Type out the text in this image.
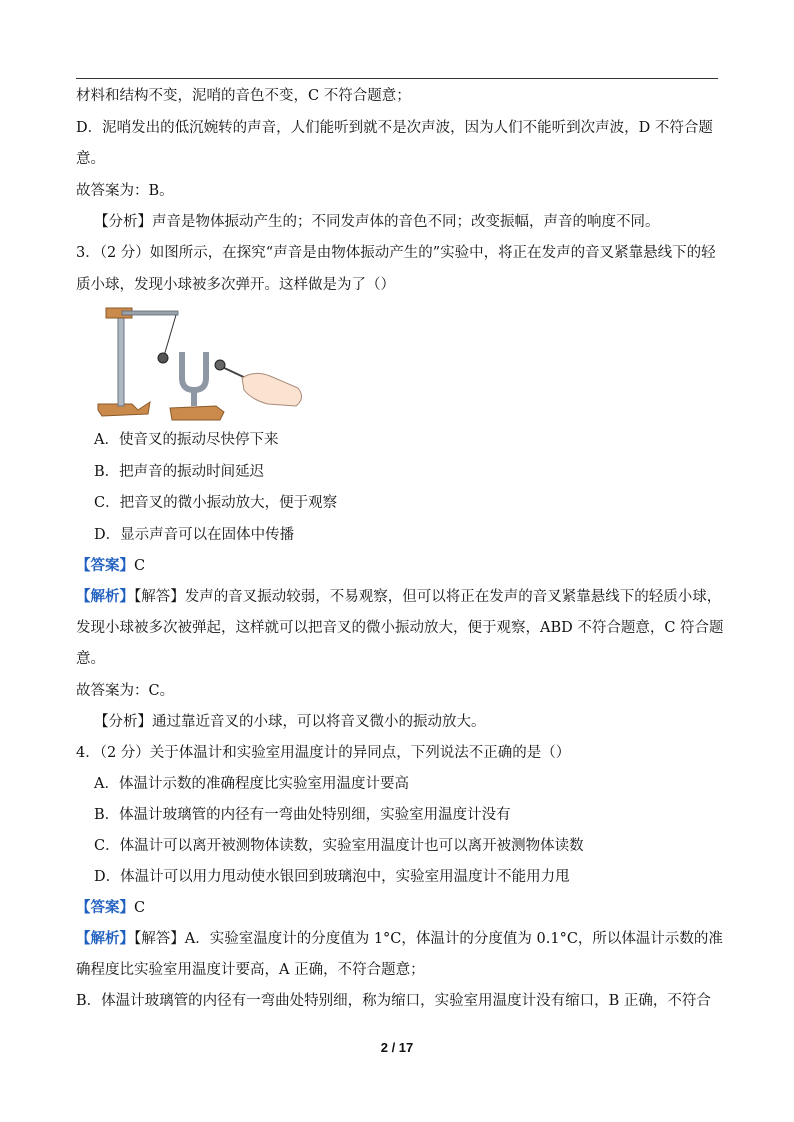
材料和结构不变，泥哨的音色不变，C 不符合题意；
D．泥哨发出的低沉婉转的声音，人们能听到就不是次声波，因为人们不能听到次声波，D 不符合题
意。
故答案为：B。
【分析】声音是物体振动产生的；不同发声体的音色不同；改变振幅，声音的响度不同。
3．（2 分）如图所示，在探究“声音是由物体振动产生的”实验中，将正在发声的音叉紧靠悬线下的轻
质小球，发现小球被多次弹开。这样做是为了（）
A．使音叉的振动尽快停下来
B．把声音的振动时间延迟
C．把音叉的微小振动放大，便于观察
D．显示声音可以在固体中传播
【答案】C
【解析】【解答】发声的音叉振动较弱，不易观察，但可以将正在发声的音叉紧靠悬线下的轻质小球，
发现小球被多次被弹起，这样就可以把音叉的微小振动放大，便于观察，ABD 不符合题意，C 符合题
意。
故答案为：C。
【分析】通过靠近音叉的小球，可以将音叉微小的振动放大。
4．（2 分）关于体温计和实验室用温度计的异同点，下列说法不正确的是（）
A．体温计示数的准确程度比实验室用温度计要高
B．体温计玻璃管的内径有一弯曲处特别细，实验室用温度计没有
C．体温计可以离开被测物体读数，实验室用温度计也可以离开被测物体读数
D．体温计可以用力甩动使水银回到玻璃泡中，实验室用温度计不能用力甩
【答案】C
【解析】【解答】A．实验室温度计的分度值为 1°C，体温计的分度值为 0.1°C，所以体温计示数的准
确程度比实验室用温度计要高，A 正确，不符合题意；
B．体温计玻璃管的内径有一弯曲处特别细，称为缩口，实验室用温度计没有缩口，B 正确，不符合
2 / 17
